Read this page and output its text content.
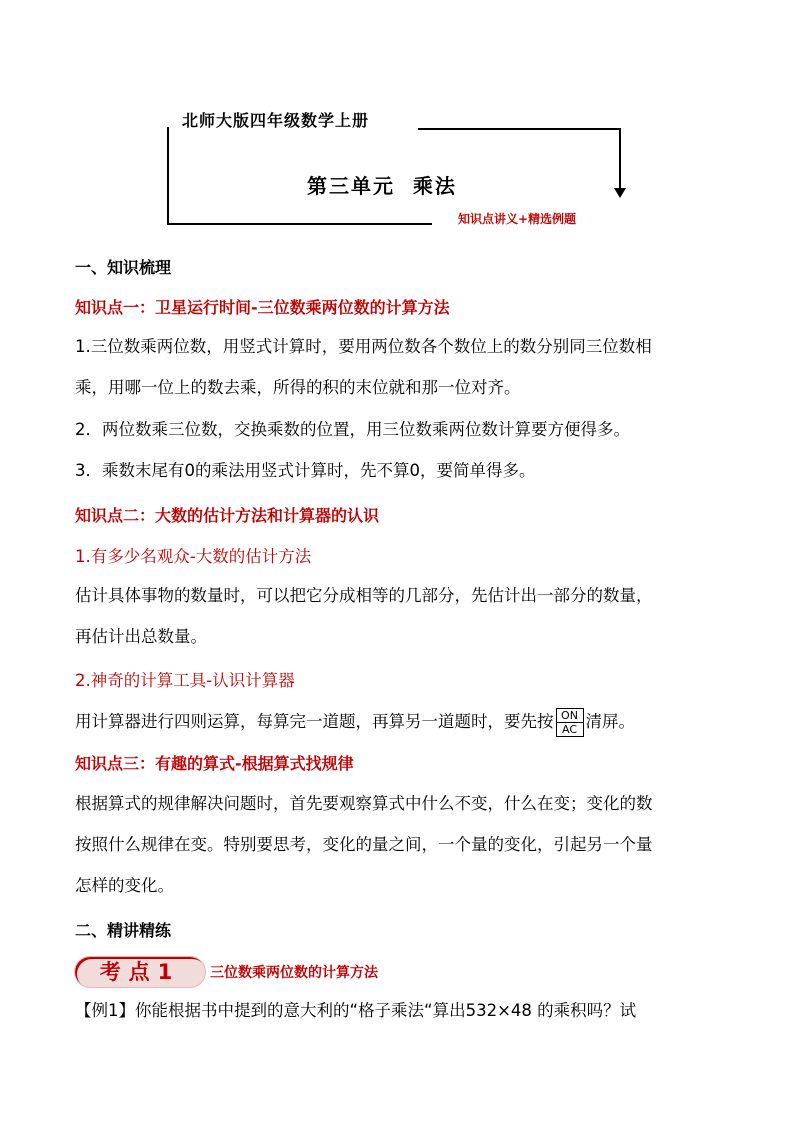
北师大版四年级数学上册
第三单元  乘法
知识点讲义+精选例题
一、知识梳理
知识点一：卫星运行时间-三位数乘两位数的计算方法
1.三位数乘两位数，用竖式计算时，要用两位数各个数位上的数分别同三位数相
乘，用哪一位上的数去乘，所得的积的末位就和那一位对齐。
2．两位数乘三位数，交换乘数的位置，用三位数乘两位数计算要方便得多。
3．乘数末尾有0的乘法用竖式计算时，先不算0，要简单得多。
知识点二：大数的估计方法和计算器的认识
1.有多少名观众-大数的估计方法
估计具体事物的数量时，可以把它分成相等的几部分，先估计出一部分的数量，
再估计出总数量。
2.神奇的计算工具-认识计算器
用计算器进行四则运算，每算完一道题，再算另一道题时，要先按 $\frac{ON}{AC}$ 清屏。
知识点三：有趣的算式-根据算式找规律
根据算式的规律解决问题时，首先要观察算式中什么不变，什么在变；变化的数
按照什么规律在变。特别要思考，变化的量之间，一个量的变化，引起另一个量
怎样的变化。
二、精讲精练
考点1	三位数乘两位数的计算方法
【例1】你能根据书中提到的意大利的“格子乘法“算出532×48 的乘积吗？试
